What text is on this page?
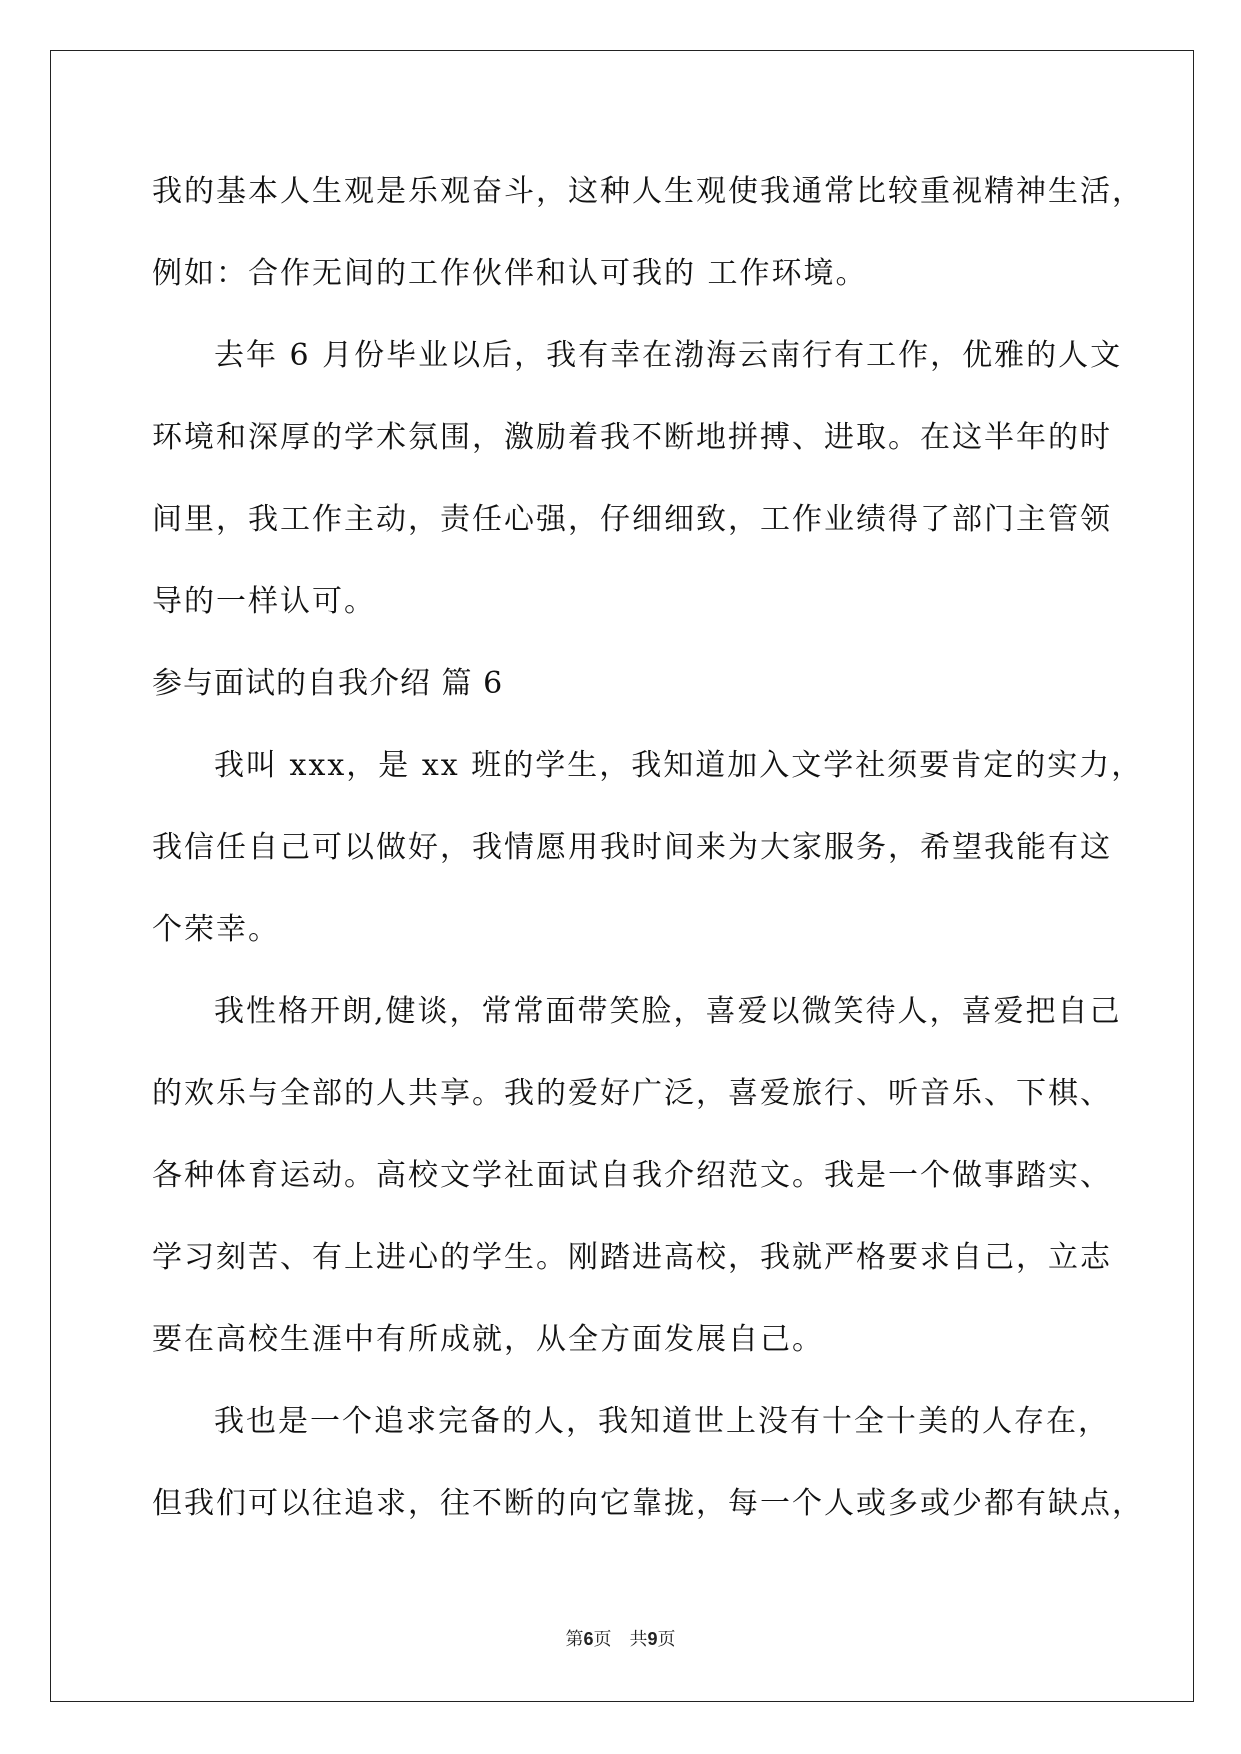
我的基本人生观是乐观奋斗，这种人生观使我通常比较重视精神生活，
例如：合作无间的工作伙伴和认可我的 工作环境。
去年 6 月份毕业以后，我有幸在渤海云南行有工作，优雅的人文
环境和深厚的学术氛围，激励着我不断地拼搏、进取。在这半年的时
间里，我工作主动，责任心强，仔细细致，工作业绩得了部门主管领
导的一样认可。
参与面试的自我介绍 篇 6
我叫 xxx，是 xx 班的学生，我知道加入文学社须要肯定的实力，
我信任自己可以做好，我情愿用我时间来为大家服务，希望我能有这
个荣幸。
我性格开朗,健谈，常常面带笑脸，喜爱以微笑待人，喜爱把自己
的欢乐与全部的人共享。我的爱好广泛，喜爱旅行、听音乐、下棋、
各种体育运动。高校文学社面试自我介绍范文。我是一个做事踏实、
学习刻苦、有上进心的学生。刚踏进高校，我就严格要求自己，立志
要在高校生涯中有所成就，从全方面发展自己。
我也是一个追求完备的人，我知道世上没有十全十美的人存在，
但我们可以往追求，往不断的向它靠拢，每一个人或多或少都有缺点，
第6页　共9页
